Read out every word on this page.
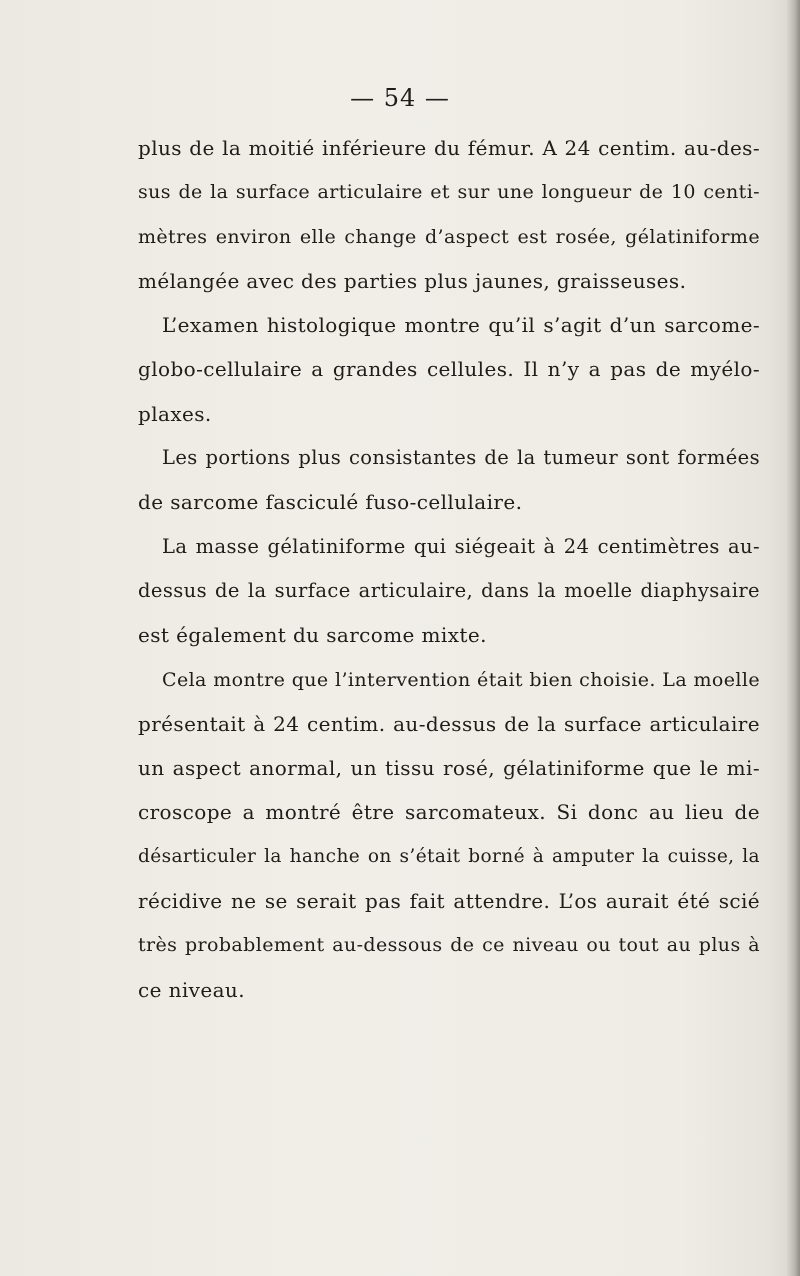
— 54 —
plus de la moitié inférieure du fémur. A 24 centim. au-des-
sus de la surface articulaire et sur une longueur de 10 centi-
mètres environ elle change d’aspect est rosée, gélatiniforme
mélangée avec des parties plus jaunes, graisseuses.
L’examen histologique montre qu’il s’agit d’un sarcome-
globo-cellulaire a grandes cellules. Il n’y a pas de myélo-
plaxes.
Les portions plus consistantes de la tumeur sont formées
de sarcome fasciculé fuso-cellulaire.
La masse gélatiniforme qui siégeait à 24 centimètres au-
dessus de la surface articulaire, dans la moelle diaphysaire
est également du sarcome mixte.
Cela montre que l’intervention était bien choisie. La moelle
présentait à 24 centim. au-dessus de la surface articulaire
un aspect anormal, un tissu rosé, gélatiniforme que le mi-
croscope a montré être sarcomateux. Si donc au lieu de
désarticuler la hanche on s’était borné à amputer la cuisse, la
récidive ne se serait pas fait attendre. L’os aurait été scié
très probablement au-dessous de ce niveau ou tout au plus à
ce niveau.
